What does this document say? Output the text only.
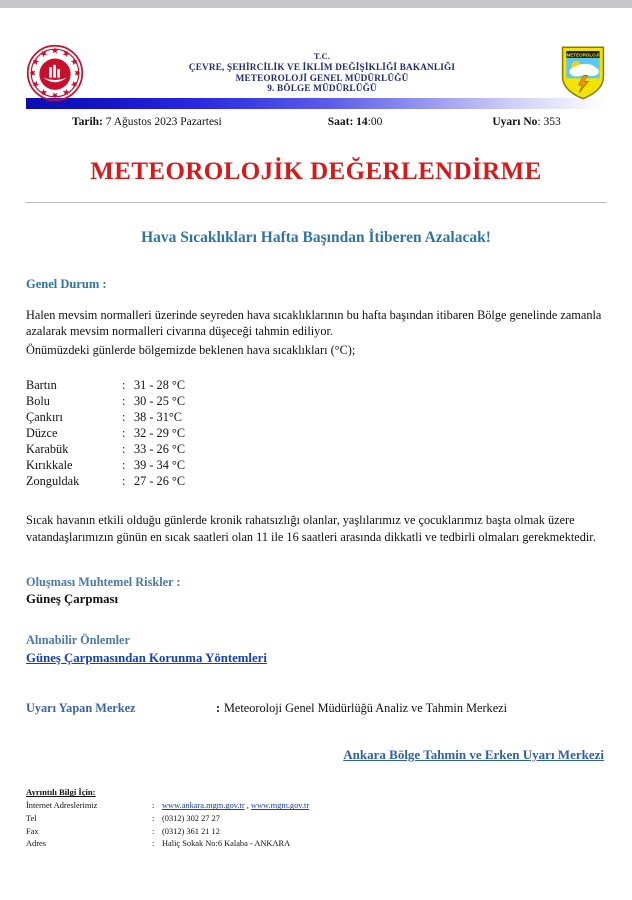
T.C.
ÇEVRE, ŞEHİRCİLİK VE İKLİM DEĞİŞİKLİĞİ BAKANLIĞI
METEOROLOJİ GENEL MÜDÜRLÜĞÜ
9. BÖLGE MÜDÜRLÜĞÜ
METEOROLOJİ
Tarih: 7 Ağustos 2023 Pazartesi	Saat: 14:00	Uyarı No: 353
METEOROLOJİK DEĞERLENDİRME
Hava Sıcaklıkları Hafta Başından İtiberen Azalacak!
Genel Durum :
Halen mevsim normalleri üzerinde seyreden hava sıcaklıklarının bu hafta başından itibaren Bölge genelinde zamanla azalarak mevsim normalleri civarına düşeceği tahmin ediliyor.
Önümüzdeki günlerde bölgemizde beklenen hava sıcaklıkları (°C);
Bartın	:	31 - 28 °C
Bolu	:	30 - 25 °C
Çankırı	:	38 - 31°C
Düzce	:	32 - 29 °C
Karabük	:	33 - 26 °C
Kırıkkale	:	39 - 34 °C
Zonguldak	:	27 - 26 °C
Sıcak havanın etkili olduğu günlerde kronik rahatsızlığı olanlar, yaşlılarımız ve çocuklarımız başta olmak üzere vatandaşlarımızın günün en sıcak saatleri olan 11 ile 16 saatleri arasında dikkatli ve tedbirli olmaları gerekmektedir.
Oluşması Muhtemel Riskler :
Güneş Çarpması
Alınabilir Önlemler
Güneş Çarpmasından Korunma Yöntemleri
Uyarı Yapan Merkez	: Meteoroloji Genel Müdürlüğü Analiz ve Tahmin Merkezi
Ankara Bölge Tahmin ve Erken Uyarı Merkezi
Ayrıntılı Bilgi İçin:
İnternet Adreslerimiz	:	www.ankara.mgm.gov.tr , www.mgm.gov.tr
Tel	:	(0312) 302 27 27
Fax	:	(0312) 361 21 12
Adres	:	Haliç Sokak No:6 Kalaba - ANKARA
